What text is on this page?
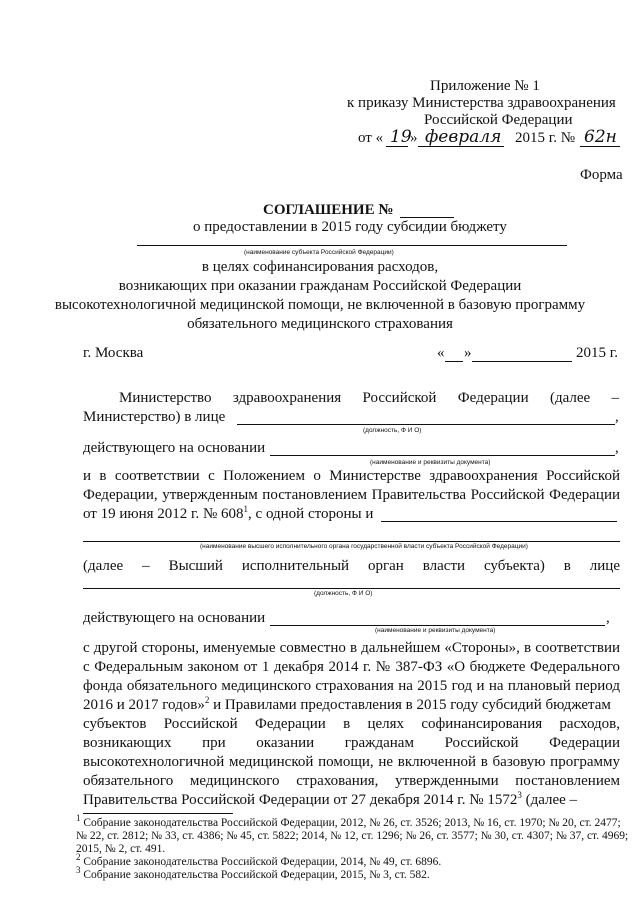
Приложение № 1
к приказу Министерства здравоохранения
Российской Федерации
от « 19
» февраля 2015 г. № 62н
Форма
СОГЛАШЕНИЕ №
о предоставлении в 2015 году субсидии бюджету
(наименование субъекта Российской Федерации)
в целях софинансирования расходов,
возникающих при оказании гражданам Российской Федерации
высокотехнологичной медицинской помощи, не включенной в базовую программу
обязательного медицинского страхования
г. Москва	« »	2015 г.
Министерство здравоохранения Российской Федерации (далее –
Министерство) в лице	,
(должность, Ф И О)
действующего на основании	,
(наименование и реквизиты документа)
и в соответствии с Положением о Министерстве здравоохранения Российской
Федерации, утвержденным постановлением Правительства Российской Федерации
от 19 июня 2012 г. № $608^1$, с одной стороны и
(наименование высшего исполнительного органа государственной власти субъекта Российской Федерации)
(далее – Высший исполнительный орган власти субъекта) в лице
(должность, Ф И О)
действующего на основании	,
(наименование и реквизиты документа)
с другой стороны, именуемые совместно в дальнейшем «Стороны», в соответствии
с Федеральным законом от 1 декабря 2014 г. № 387-ФЗ «О бюджете Федерального
фонда обязательного медицинского страхования на 2015 год и на плановый период
2016 и 2017 годов»$^2$ и Правилами предоставления в 2015 году субсидий бюджетам
субъектов Российской Федерации в целях софинансирования расходов,
возникающих при оказании гражданам Российской Федерации
высокотехнологичной медицинской помощи, не включенной в базовую программу
обязательного медицинского страхования, утвержденными постановлением
Правительства Российской Федерации от 27 декабря 2014 г. № 1572$^3$ (далее –
$^1$ Собрание законодательства Российской Федерации, 2012, № 26, ст. 3526; 2013, № 16, ст. 1970; № 20, ст. 2477;
№ 22, ст. 2812; № 33, ст. 4386; № 45, ст. 5822; 2014, № 12, ст. 1296; № 26, ст. 3577; № 30, ст. 4307; № 37, ст. 4969;
2015, № 2, ст. 491.
$^2$ Собрание законодательства Российской Федерации, 2014, № 49, ст. 6896.
$^3$ Собрание законодательства Российской Федерации, 2015, № 3, ст. 582.
